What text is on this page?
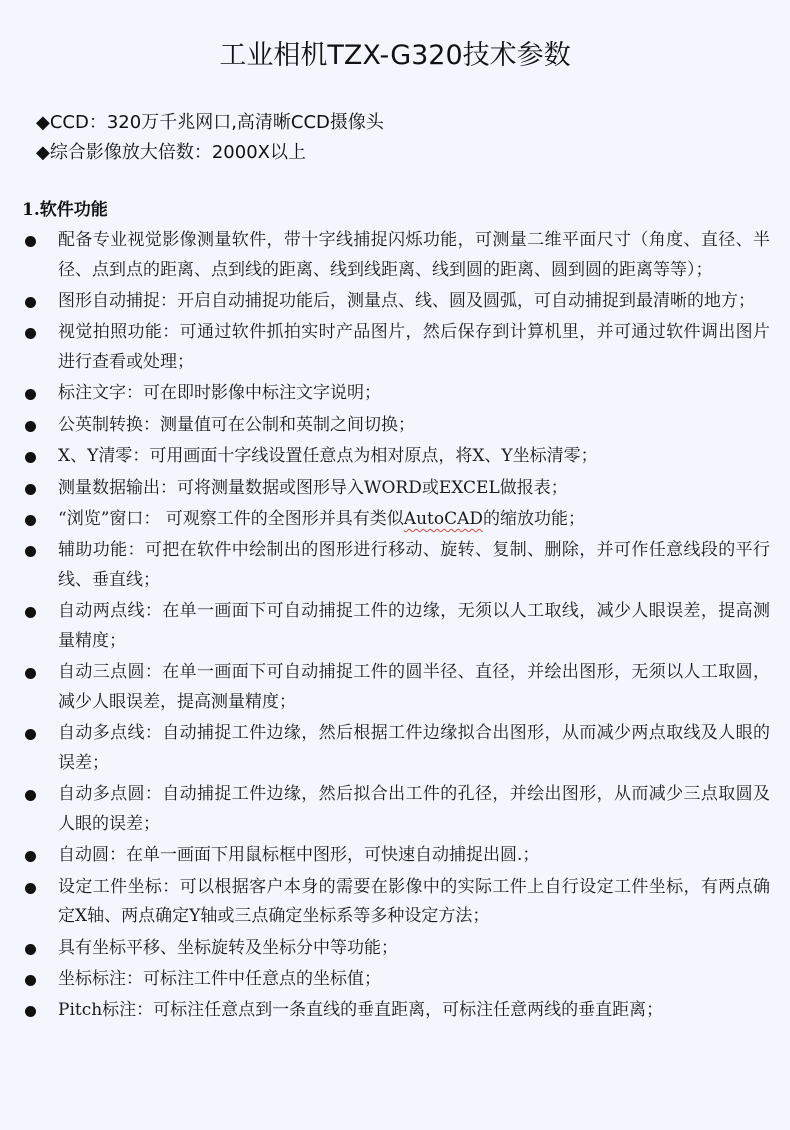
工业相机TZX-G320技术参数
◆CCD：320万千兆网口,高清晰CCD摄像头
◆综合影像放大倍数：2000X以上
1.软件功能
配备专业视觉影像测量软件，带十字线捕捉闪烁功能，可测量二维平面尺寸（角度、直径、半径、点到点的距离、点到线的距离、线到线距离、线到圆的距离、圆到圆的距离等等）；
图形自动捕捉：开启自动捕捉功能后，测量点、线、圆及圆弧，可自动捕捉到最清晰的地方；
视觉拍照功能：可通过软件抓拍实时产品图片，然后保存到计算机里，并可通过软件调出图片进行查看或处理；
标注文字：可在即时影像中标注文字说明；
公英制转换：测量值可在公制和英制之间切换；
X、Y清零：可用画面十字线设置任意点为相对原点，将X、Y坐标清零；
测量数据输出：可将测量数据或图形导入WORD或EXCEL做报表；
“浏览”窗口： 可观察工件的全图形并具有类似AutoCAD的缩放功能；
辅助功能：可把在软件中绘制出的图形进行移动、旋转、复制、删除，并可作任意线段的平行线、垂直线；
自动两点线：在单一画面下可自动捕捉工件的边缘，无须以人工取线，减少人眼误差，提高测量精度；
自动三点圆：在单一画面下可自动捕捉工件的圆半径、直径，并绘出图形，无须以人工取圆，减少人眼误差，提高测量精度；
自动多点线：自动捕捉工件边缘，然后根据工件边缘拟合出图形，从而减少两点取线及人眼的误差；
自动多点圆：自动捕捉工件边缘，然后拟合出工件的孔径，并绘出图形，从而减少三点取圆及人眼的误差；
自动圆：在单一画面下用鼠标框中图形，可快速自动捕捉出圆.；
设定工件坐标：可以根据客户本身的需要在影像中的实际工件上自行设定工件坐标，有两点确定X轴、两点确定Y轴或三点确定坐标系等多种设定方法；
具有坐标平移、坐标旋转及坐标分中等功能；
坐标标注：可标注工件中任意点的坐标值；
Pitch标注：可标注任意点到一条直线的垂直距离，可标注任意两线的垂直距离；
